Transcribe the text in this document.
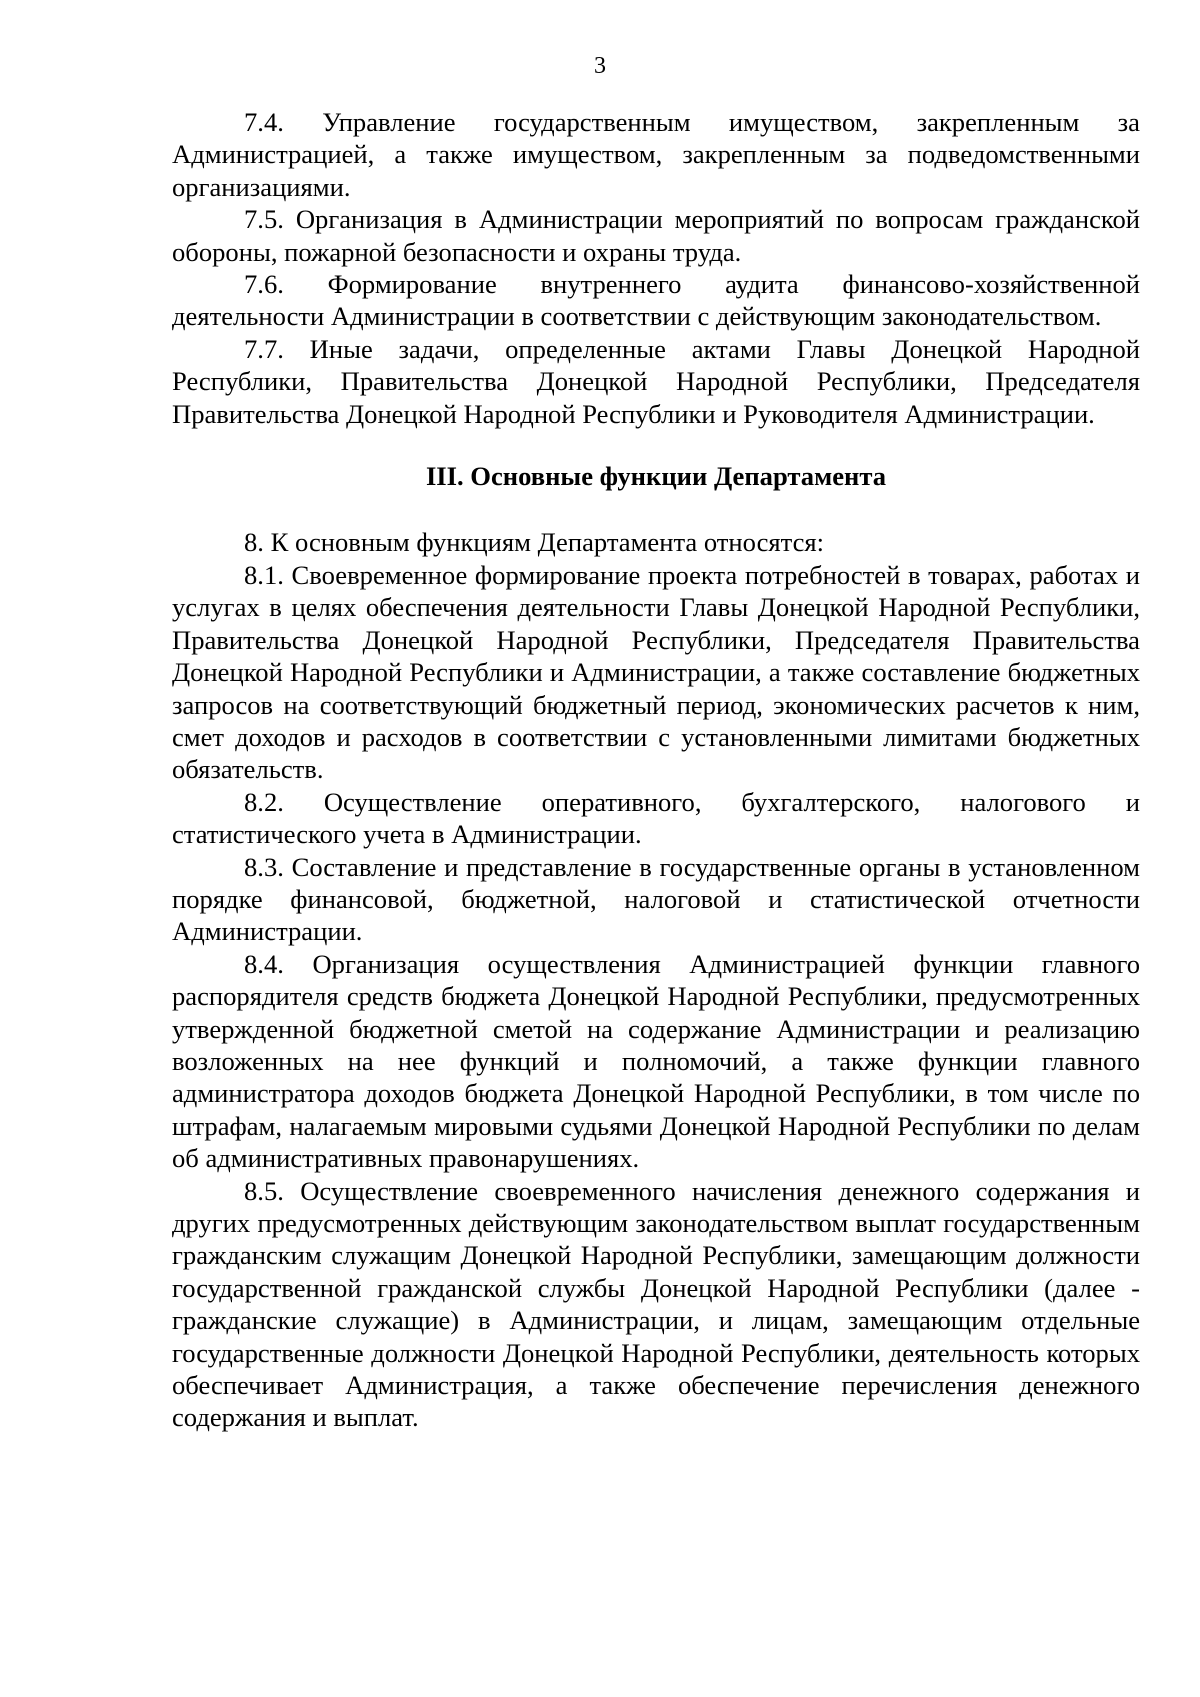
3

7.4. Управление государственным имуществом, закрепленным за Администрацией, а также имуществом, закрепленным за подведомственными организациями.

7.5. Организация в Администрации мероприятий по вопросам гражданской обороны, пожарной безопасности и охраны труда.

7.6. Формирование внутреннего аудита финансово-хозяйственной деятельности Администрации в соответствии с действующим законодательством.

7.7. Иные задачи, определенные актами Главы Донецкой Народной Республики, Правительства Донецкой Народной Республики, Председателя Правительства Донецкой Народной Республики и Руководителя Администрации.

III. Основные функции Департамента

8. К основным функциям Департамента относятся:

8.1. Своевременное формирование проекта потребностей в товарах, работах и услугах в целях обеспечения деятельности Главы Донецкой Народной Республики, Правительства Донецкой Народной Республики, Председателя Правительства Донецкой Народной Республики и Администрации, а также составление бюджетных запросов на соответствующий бюджетный период, экономических расчетов к ним, смет доходов и расходов в соответствии с установленными лимитами бюджетных обязательств.

8.2. Осуществление оперативного, бухгалтерского, налогового и статистического учета в Администрации.

8.3. Составление и представление в государственные органы в установленном порядке финансовой, бюджетной, налоговой и статистической отчетности Администрации.

8.4. Организация осуществления Администрацией функции главного распорядителя средств бюджета Донецкой Народной Республики, предусмотренных утвержденной бюджетной сметой на содержание Администрации и реализацию возложенных на нее функций и полномочий, а также функции главного администратора доходов бюджета Донецкой Народной Республики, в том числе по штрафам, налагаемым мировыми судьями Донецкой Народной Республики по делам об административных правонарушениях.

8.5. Осуществление своевременного начисления денежного содержания и других предусмотренных действующим законодательством выплат государственным гражданским служащим Донецкой Народной Республики, замещающим должности государственной гражданской службы Донецкой Народной Республики (далее - гражданские служащие) в Администрации, и лицам, замещающим отдельные государственные должности Донецкой Народной Республики, деятельность которых обеспечивает Администрация, а также обеспечение перечисления денежного содержания и выплат.
